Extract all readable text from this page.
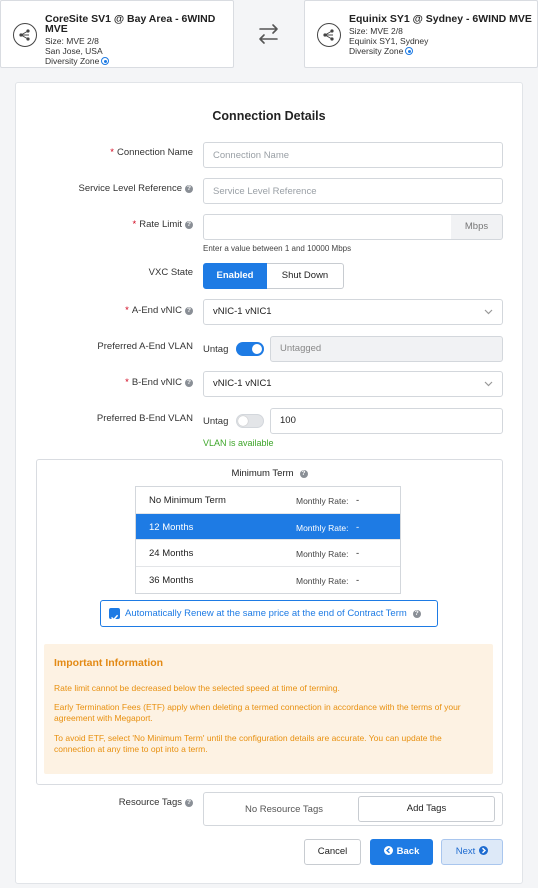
CoreSite SV1 @ Bay Area - 6WIND MVE
Size: MVE 2/8
San Jose, USA
Diversity Zone
Equinix SY1 @ Sydney - 6WIND MVE
Size: MVE 2/8
Equinix SY1, Sydney
Diversity Zone
Connection Details
* Connection Name
Connection Name
Service Level Reference ?
Service Level Reference
* Rate Limit ?	Mbps
Enter a value between 1 and 10000 Mbps
VXC State	Enabled	Shut Down
* A-End vNIC ?	vNIC-1 vNIC1
Preferred A-End VLAN Untag	Untagged
* B-End vNIC ?	vNIC-1 vNIC1
Preferred B-End VLAN Untag	100
VLAN is available
Minimum Term ?
No Minimum Term	Monthly Rate: -
12 Months	Monthly Rate: -
24 Months	Monthly Rate: -
36 Months	Monthly Rate: -
Automatically Renew at the same price at the end of Contract Term ?
Important Information
Rate limit cannot be decreased below the selected speed at time of terming.
Early Termination Fees (ETF) apply when deleting a termed connection in accordance with the terms of your agreement with Megaport.
To avoid ETF, select 'No Minimum Term' until the configuration details are accurate. You can update the connection at any time to opt into a term.
Resource Tags ?
No Resource Tags	Add Tags
Cancel	Back	Next
